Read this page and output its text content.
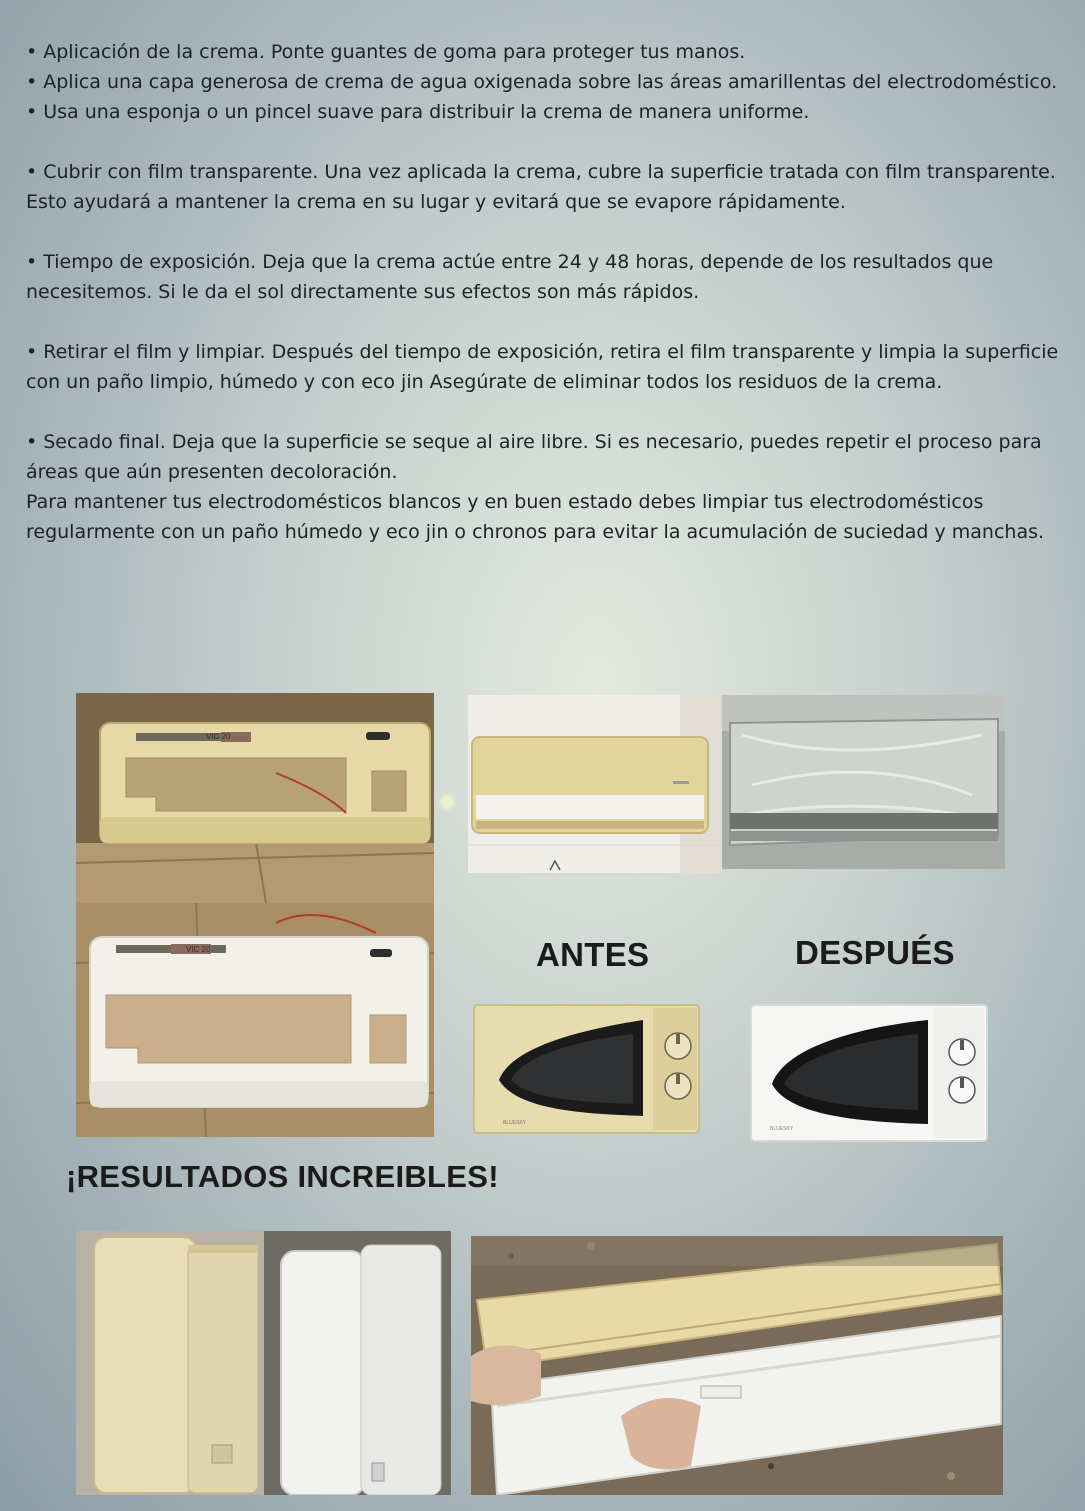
• Aplicación de la crema. Ponte guantes de goma para proteger tus manos.

• Aplica una capa generosa de crema de agua oxigenada sobre las áreas amarillentas del electrodoméstico.

• Usa una esponja o un pincel suave para distribuir la crema de manera uniforme.

• Cubrir con film transparente. Una vez aplicada la crema, cubre la superficie tratada con film transparente. Esto ayudará a mantener la crema en su lugar y evitará que se evapore rápidamente.

• Tiempo de exposición. Deja que la crema actúe entre 24 y 48 horas, depende de los resultados que necesitemos. Si le da el sol directamente sus efectos son más rápidos.

• Retirar el film y limpiar. Después del tiempo de exposición, retira el film transparente y limpia la superficie con un paño limpio, húmedo y con eco jin Asegúrate de eliminar todos los residuos de la crema.

• Secado final. Deja que la superficie se seque al aire libre. Si es necesario, puedes repetir el proceso para áreas que aún presenten decoloración.

Para mantener tus electrodomésticos blancos y en buen estado debes limpiar tus electrodomésticos regularmente con un paño húmedo y eco jin o chronos para evitar la acumulación de suciedad y manchas.

VIC 20
VIC 20	ANTES	DESPUÉS
BLUESKY
BLUESKY
¡RESULTADOS INCREIBLES!
